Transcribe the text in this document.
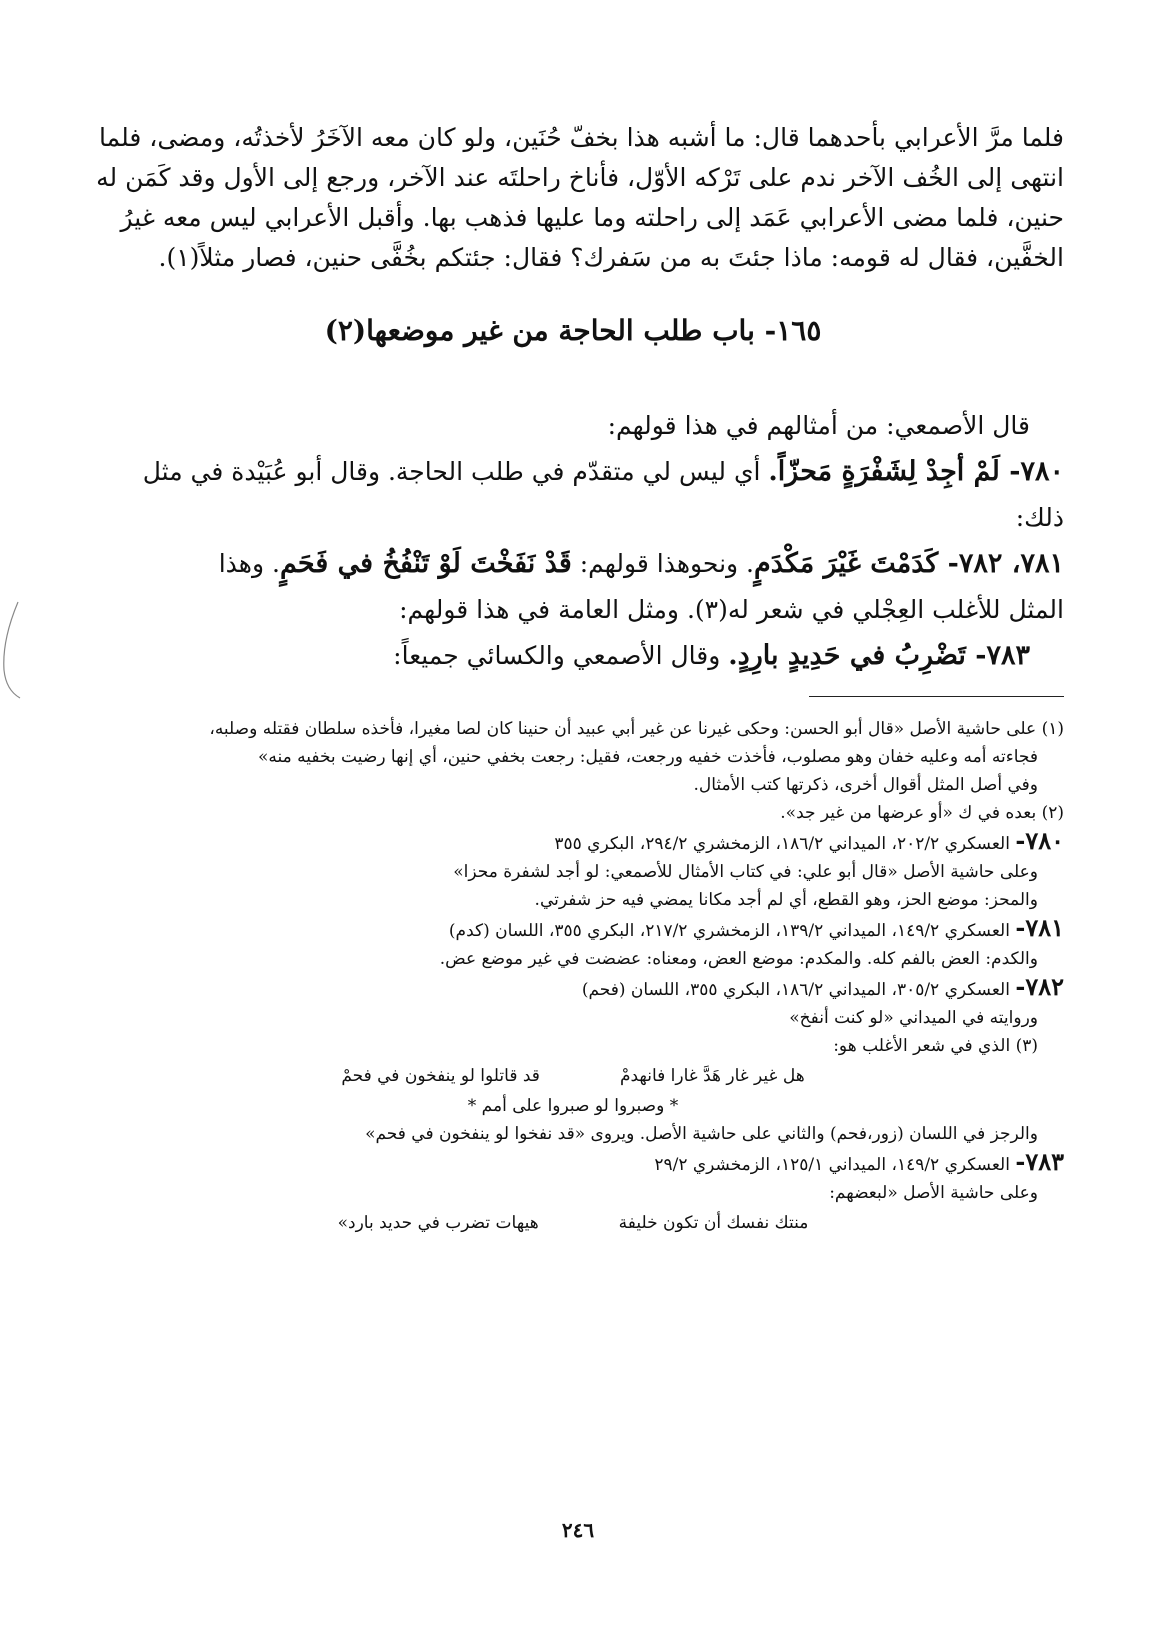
فلما مرَّ الأعرابي بأحدهما قال: ما أشبه هذا بخفّ حُنَين، ولو كان معه الآخَرُ لأخذتُه، ومضى، فلما

انتهى إلى الخُف الآخر ندم على تَرْكه الأوّل، فأناخ راحلتَه عند الآخر، ورجع إلى الأول وقد كَمَن له

حنين، فلما مضى الأعرابي عَمَد إلى راحلته وما عليها فذهب بها. وأقبل الأعرابي ليس معه غيرُ

الخفَّين، فقال له قومه: ماذا جئتَ به من سَفرك؟ فقال: جئتكم بخُفَّى حنين، فصار مثلاً(١).

١٦٥- باب طلب الحاجة من غير موضعها(٢)

قال الأصمعي: من أمثالهم في هذا قولهم:

٧٨٠- لَمْ أجِدْ لِشَفْرَةٍ مَحزّاً. أي ليس لي متقدّم في طلب الحاجة. وقال أبو عُبَيْدة في مثل

ذلك:

٧٨١، ٧٨٢- كَدَمْتَ غَيْرَ مَكْدَمٍ. ونحوهذا قولهم: قَدْ نَفَخْتَ لَوْ تَنْفُخُ في فَحَمٍ. وهذا

المثل للأغلب العِجْلي في شعر له(٣). ومثل العامة في هذا قولهم:

٧٨٣- تَضْرِبُ في حَدِيدٍ بارِدٍ. وقال الأصمعي والكسائي جميعاً:

(١) على حاشية الأصل «قال أبو الحسن: وحكى غيرنا عن غير أبي عبيد أن حنينا كان لصا مغيرا، فأخذه سلطان فقتله وصلبه،
فجاءته أمه وعليه خفان وهو مصلوب، فأخذت خفيه ورجعت، فقيل: رجعت بخفي حنين، أي إنها رضيت بخفيه منه»
وفي أصل المثل أقوال أخرى، ذكرتها كتب الأمثال.
(٢) بعده في ك «أو عرضها من غير جد».
٧٨٠- العسكري ٢٠٢/٢، الميداني ١٨٦/٢، الزمخشري ٢٩٤/٢، البكري ٣٥٥
وعلى حاشية الأصل «قال أبو علي: في كتاب الأمثال للأصمعي: لو أجد لشفرة محزا»
والمحز: موضع الحز، وهو القطع، أي لم أجد مكانا يمضي فيه حز شفرتي.
٧٨١- العسكري ١٤٩/٢، الميداني ١٣٩/٢، الزمخشري ٢١٧/٢، البكري ٣٥٥، اللسان (كدم)
والكدم: العض بالفم كله. والمكدم: موضع العض، ومعناه: عضضت في غير موضع عض.
٧٨٢- العسكري ٣٠٥/٢، الميداني ١٨٦/٢، البكري ٣٥٥، اللسان (فحم)
وروايته في الميداني «لو كنت أنفخ»
(٣) الذي في شعر الأغلب هو:
هل غير غار هَدَّ غارا فانهدمْ
قد قاتلوا لو ينفخون في فحمْ
* وصبروا لو صبروا على أمم *
والرجز في اللسان (زور،فحم) والثاني على حاشية الأصل. ويروى «قد نفخوا لو ينفخون في فحم»
٧٨٣- العسكري ١٤٩/٢، الميداني ١٢٥/١، الزمخشري ٢٩/٢
وعلى حاشية الأصل «لبعضهم:
منتك نفسك أن تكون خليفة
هيهات تضرب في حديد بارد»
٢٤٦
